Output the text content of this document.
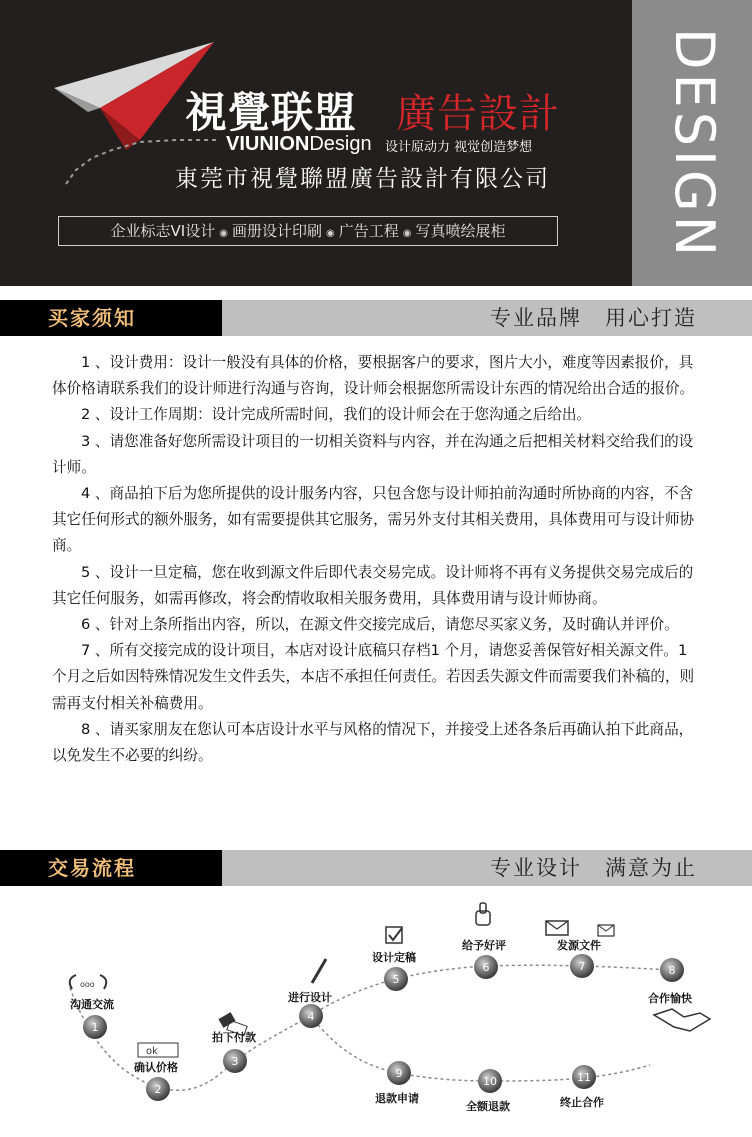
視覺联盟 廣告設計
VIUNIONDesign 设计原动力 视觉创造梦想
東莞市視覺聯盟廣告設計有限公司
企业标志VI设计 ◉ 画册设计印刷 ◉ 广告工程 ◉ 写真喷绘展柜	DESIGN
买家须知	专业品牌　用心打造

1 、设计费用：设计一般没有具体的价格，要根据客户的要求，图片大小，难度等因素报价，具体价格请联系我们的设计师进行沟通与咨询，设计师会根据您所需设计东西的情况给出合适的报价。

2 、设计工作周期：设计完成所需时间，我们的设计师会在于您沟通之后给出。

3 、请您准备好您所需设计项目的一切相关资料与内容，并在沟通之后把相关材料交给我们的设计师。

4 、商品拍下后为您所提供的设计服务内容，只包含您与设计师拍前沟通时所协商的内容，不含其它任何形式的额外服务，如有需要提供其它服务，需另外支付其相关费用，具体费用可与设计师协商。

5 、设计一旦定稿，您在收到源文件后即代表交易完成。设计师将不再有义务提供交易完成后的其它任何服务，如需再修改，将会酌情收取相关服务费用，具体费用请与设计师协商。

6 、针对上条所指出内容，所以，在源文件交接完成后，请您尽买家义务，及时确认并评价。

7 、所有交接完成的设计项目，本店对设计底稿只存档1 个月，请您妥善保管好相关源文件。1 个月之后如因特殊情况发生文件丢失，本店不承担任何责任。若因丢失源文件而需要我们补稿的，则需再支付相关补稿费用。

8 、请买家朋友在您认可本店设计水平与风格的情况下，并接受上述各条后再确认拍下此商品，以免发生不必要的纠纷。

交易流程	专业设计　满意为止
ooo
ok
1
沟通交流
2
确认价格	3
拍下付款
4
进行设计
5
设计定稿
6
给予好评
7
发源文件
8
合作愉快
9
退款申请
10
全额退款
11
终止合作
